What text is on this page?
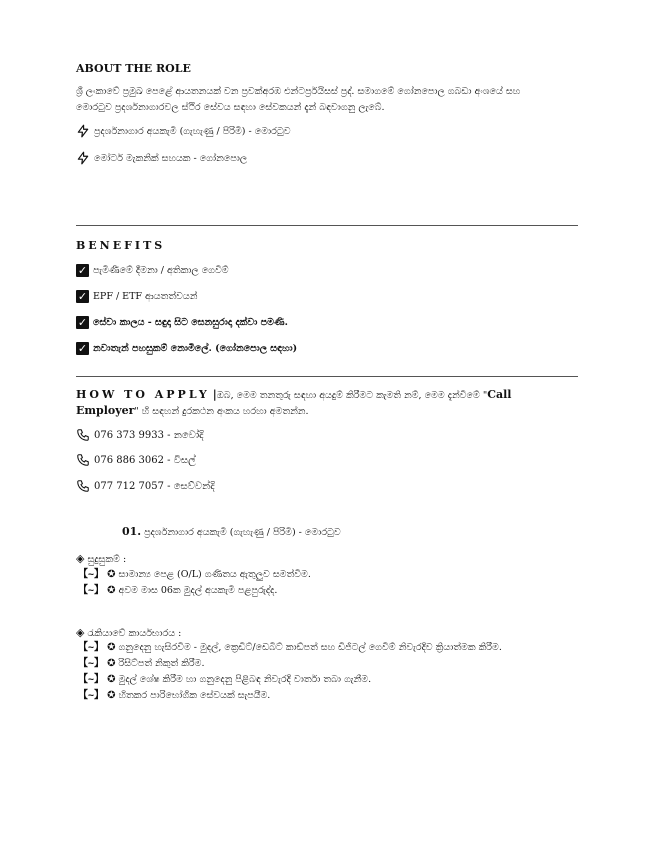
ABOUT THE ROLE
ශ්‍රී ලංකාවේ ප්‍රමුඛ පෙළේ ආයතනයක් වන ප්‍රවක්අරඹ එන්ටර්ප්‍රයිසස් ප්‍රද්. සමාගමේ ගෝනපොල ගබඩා අංශයේ සහ
මොරටුව ප්‍රදර්ශනාගාරවල ස්ථිර සේවය සඳහා සේවකයන් දැන් බඳවාගනු ලැබේ.
ප්‍රදර්ශනාගාර අයකැමි (ගැහැණු / පිරිමි) - මොරටුව
මෝටර් මැකනික් සහයක - ගෝනපොල
BENEFITS
✓ පැමිණීමේ දීමනා / අතිකාල ගෙවීම්
✓ EPF / ETF ආයතත්වයන්
✓ සේවා කාලය - සඳුදා සිට සෙනසුරාදා දක්වා පමණි.
✓ නවාතැන් පහසුකම් නොමිලේ. (ගෝනපොල සඳහා)
HOW TO APPLY |ඔබ, මෙම තනතුරු සඳහා අයදුම් කිරීමට කැමති නම්, මෙම දැන්වීමේ "Call
Employer" හි සඳහන් දුරකථන අංකය හරහා අමතන්න.
076 373 9933 - නවෝදි
076 886 3062 - විසල්
077 712 7057 - සෙව්වන්දි
01. ප්‍රදර්ශනාගාර අයකැමි (ගැහැණු / පිරිමි) - මොරටුව
◈ සුදුසුකම් :
【~】 ✪ සාමාන්‍ය පෙළ (O/L) ගණිතය ඇතුලුව සමත්වීම.
【~】 ✪ අවම මාස 06ක මුදල් අයකැමි පළපුරුද්ද.
◈ රැකියාවේ කාර්යභාරය :
【~】 ✪ ගනුදෙනු හැසිරවීම - මුදල්, ක්‍රෙඩිට්/ඩෙබිට් කාඩ්පත් සහ ඩිජිටල් ගෙවීම් නිවැරදිව ක්‍රියාත්මක කිරීම.
【~】 ✪ රිසිට්පත් නිකුත් කිරීම.
【~】 ✪ මුදල් ශේෂ කිරීම හා ගනුදෙනු පිළිබඳ නිවැරදි වාර්තා තබා ගැනීම.
【~】 ✪ හිතකර පාරිභෝගික සේවයක් සැපයීම.
